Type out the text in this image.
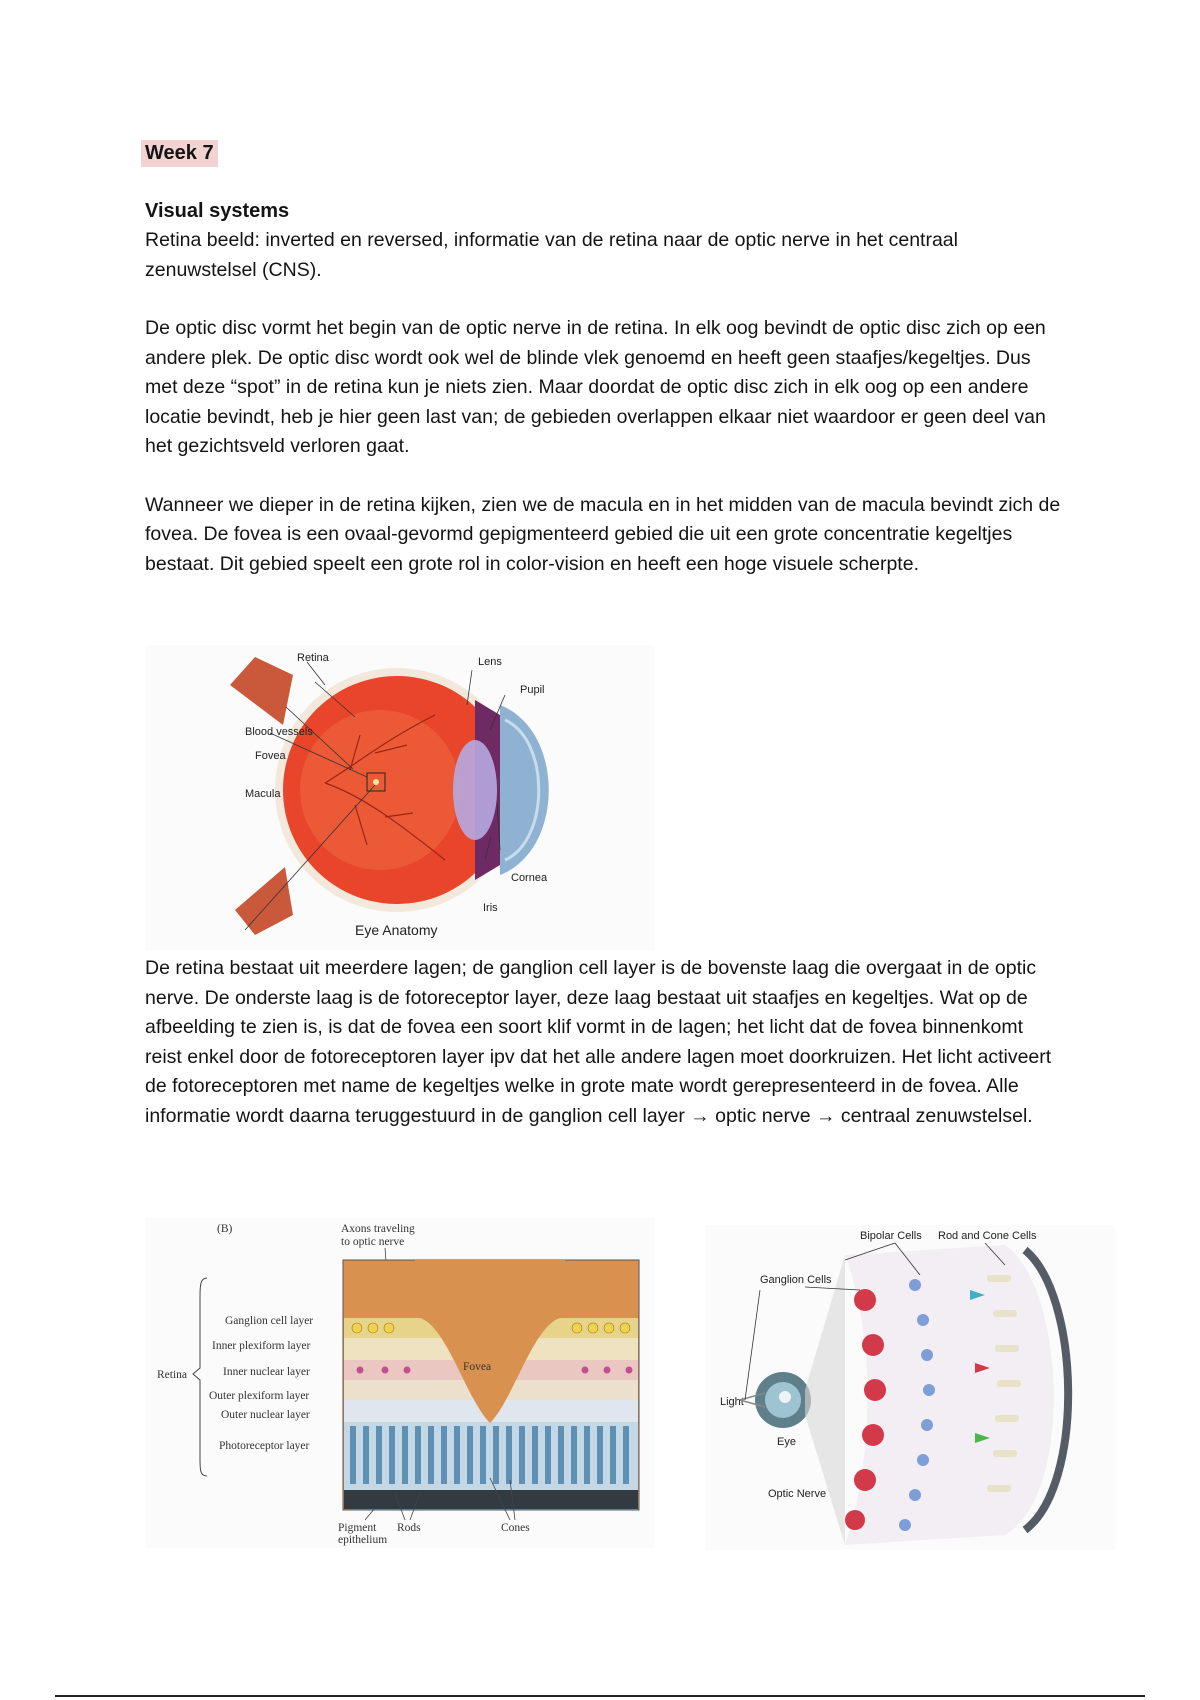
Week 7
Visual systems

Retina beeld: inverted en reversed, informatie van de retina naar de optic nerve in het centraal zenuwstelsel (CNS).

De optic disc vormt het begin van de optic nerve in de retina. In elk oog bevindt de optic disc zich op een andere plek. De optic disc wordt ook wel de blinde vlek genoemd en heeft geen staafjes/kegeltjes. Dus met deze “spot” in de retina kun je niets zien. Maar doordat de optic disc zich in elk oog op een andere locatie bevindt, heb je hier geen last van; de gebieden overlappen elkaar niet waardoor er geen deel van het gezichtsveld verloren gaat.

Wanneer we dieper in de retina kijken, zien we de macula en in het midden van de macula bevindt zich de fovea. De fovea is een ovaal-gevormd gepigmenteerd gebied die uit een grote concentratie kegeltjes bestaat. Dit gebied speelt een grote rol in color-vision en heeft een hoge visuele scherpte.

De retina bestaat uit meerdere lagen; de ganglion cell layer is de bovenste laag die overgaat in de optic nerve. De onderste laag is de fotoreceptor layer, deze laag bestaat uit staafjes en kegeltjes. Wat op de afbeelding te zien is, is dat de fovea een soort klif vormt in de lagen; het licht dat de fovea binnenkomt reist enkel door de fotoreceptoren layer ipv dat het alle andere lagen moet doorkruizen. Het licht activeert de fotoreceptoren met name de kegeltjes welke in grote mate wordt gerepresenteerd in de fovea. Alle informatie wordt daarna teruggestuurd in de ganglion cell layer → optic nerve → centraal zenuwstelsel.

Retina	Lens
Pupil
Blood vessels
Fovea
Macula
Cornea
Iris
Eye Anatomy
(B)	Axons traveling
to optic nerve
Fovea
Retina
Ganglion cell layer
Inner plexiform layer
Inner nuclear layer
Outer plexiform layer
Outer nuclear layer
Photoreceptor layer
Pigment
epithelium
Rods	Cones
Bipolar Cells Rod and Cone Cells
Ganglion Cells
Light
Eye
Optic Nerve
